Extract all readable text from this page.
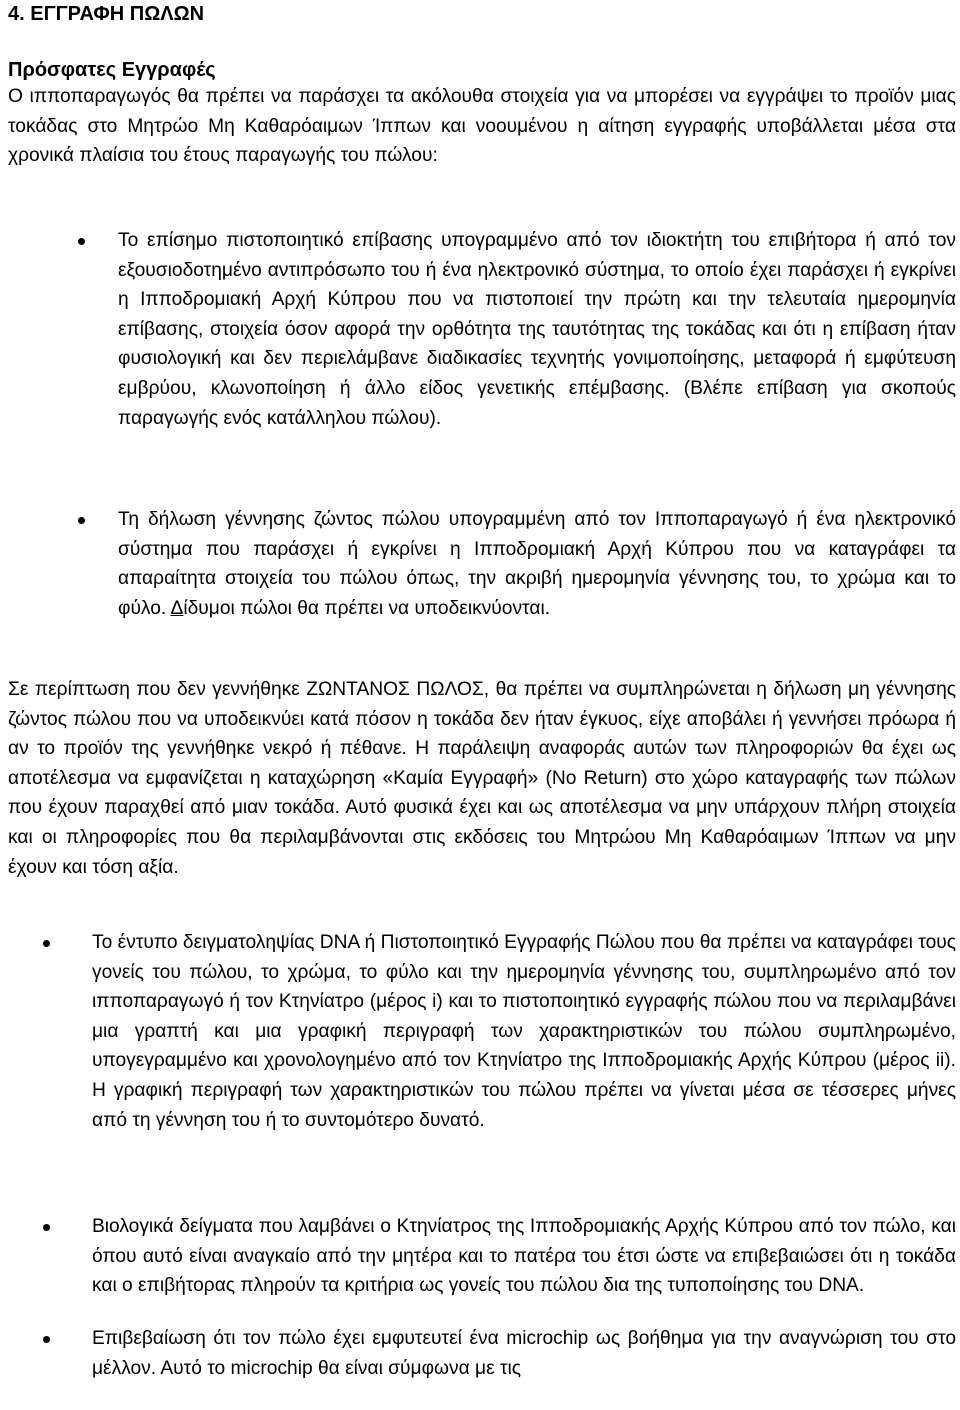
4. ΕΓΓΡΑΦΗ ΠΩΛΩΝ
Πρόσφατες Εγγραφές

Ο ιπποπαραγωγός θα πρέπει να παράσχει τα ακόλουθα στοιχεία για να μπορέσει να εγγράψει το προϊόν μιας τοκάδας στο Μητρώο Μη Καθαρόαιμων Ίππων και νοουμένου η αίτηση εγγραφής υποβάλλεται μέσα στα χρονικά πλαίσια του έτους παραγωγής του πώλου:

Το επίσημο πιστοποιητικό επίβασης υπογραμμένο από τον ιδιοκτήτη του επιβήτορα ή από τον εξουσιοδοτημένο αντιπρόσωπο του ή ένα ηλεκτρονικό σύστημα, το οποίο έχει παράσχει ή εγκρίνει η Ιπποδρομιακή Αρχή Κύπρου που να πιστοποιεί την πρώτη και την τελευταία ημερομηνία επίβασης, στοιχεία όσον αφορά την ορθότητα της ταυτότητας της τοκάδας και ότι η επίβαση ήταν φυσιολογική και δεν περιελάμβανε διαδικασίες τεχνητής γονιμοποίησης, μεταφορά ή εμφύτευση εμβρύου, κλωνοποίηση ή άλλο είδος γενετικής επέμβασης. (Βλέπε επίβαση για σκοπούς παραγωγής ενός κατάλληλου πώλου).
Τη δήλωση γέννησης ζώντος πώλου υπογραμμένη από τον Ιπποπαραγωγό ή ένα ηλεκτρονικό σύστημα που παράσχει ή εγκρίνει η Ιπποδρομιακή Αρχή Κύπρου που να καταγράφει τα απαραίτητα στοιχεία του πώλου όπως, την ακριβή ημερομηνία γέννησης του, το χρώμα και το φύλο. Δίδυμοι πώλοι θα πρέπει να υποδεικνύονται.

Σε περίπτωση που δεν γεννήθηκε ΖΩΝΤΑΝΟΣ ΠΩΛΟΣ, θα πρέπει να συμπληρώνεται η δήλωση μη γέννησης ζώντος πώλου που να υποδεικνύει κατά πόσον η τοκάδα δεν ήταν έγκυος, είχε αποβάλει ή γεννήσει πρόωρα ή αν το προϊόν της γεννήθηκε νεκρό ή πέθανε. Η παράλειψη αναφοράς αυτών των πληροφοριών θα έχει ως αποτέλεσμα να εμφανίζεται η καταχώρηση «Καμία Εγγραφή» (No Return) στο χώρο καταγραφής των πώλων που έχουν παραχθεί από μιαν τοκάδα. Αυτό φυσικά έχει και ως αποτέλεσμα να μην υπάρχουν πλήρη στοιχεία και οι πληροφορίες που θα περιλαμβάνονται στις εκδόσεις του Μητρώου Μη Καθαρόαιμων Ίππων να μην έχουν και τόση αξία.

Το έντυπο δειγματοληψίας DNA ή Πιστοποιητικό Εγγραφής Πώλου που θα πρέπει να καταγράφει τους γονείς του πώλου, το χρώμα, το φύλο και την ημερομηνία γέννησης του, συμπληρωμένο από τον ιπποπαραγωγό ή τον Κτηνίατρο (μέρος i) και το πιστοποιητικό εγγραφής πώλου που να περιλαμβάνει μια γραπτή και μια γραφική περιγραφή των χαρακτηριστικών του πώλου συμπληρωμένο, υπογεγραμμένο και χρονολογημένο από τον Κτηνίατρο της Ιπποδρομιακής Αρχής Κύπρου (μέρος ii). Η γραφική περιγραφή των χαρακτηριστικών του πώλου πρέπει να γίνεται μέσα σε τέσσερες μήνες από τη γέννηση του ή το συντομότερο δυνατό.
Βιολογικά δείγματα που λαμβάνει ο Κτηνίατρος της Ιπποδρομιακής Αρχής Κύπρου από τον πώλο, και όπου αυτό είναι αναγκαίο από την μητέρα και το πατέρα του έτσι ώστε να επιβεβαιώσει ότι η τοκάδα και ο επιβήτορας πληρούν τα κριτήρια ως γονείς του πώλου δια της τυποποίησης του DNA.
Επιβεβαίωση ότι τον πώλο έχει εμφυτευτεί ένα microchip ως βοήθημα για την αναγνώριση του στο μέλλον. Αυτό το microchip θα είναι σύμφωνα με τις
